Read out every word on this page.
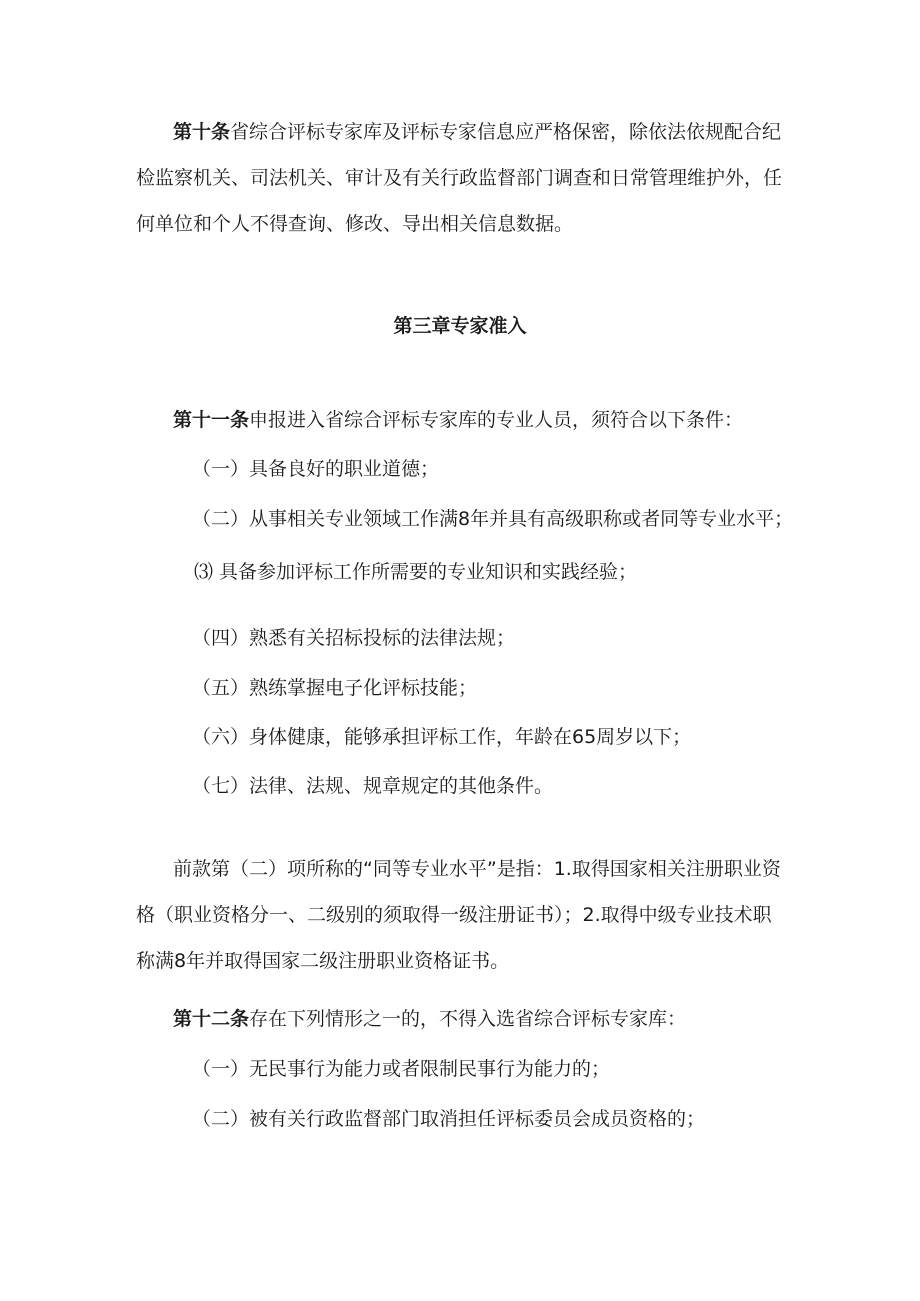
第十条省综合评标专家库及评标专家信息应严格保密，除依法依规配合纪检监察机关、司法机关、审计及有关行政监督部门调查和日常管理维护外，任何单位和个人不得查询、修改、导出相关信息数据。

第三章专家准入

第十一条申报进入省综合评标专家库的专业人员，须符合以下条件：

（一）具备良好的职业道德；

（二）从事相关专业领域工作满8年并具有高级职称或者同等专业水平；

⑶ 具备参加评标工作所需要的专业知识和实践经验；

（四）熟悉有关招标投标的法律法规；

（五）熟练掌握电子化评标技能；

（六）身体健康，能够承担评标工作，年龄在65周岁以下；

（七）法律、法规、规章规定的其他条件。

前款第（二）项所称的“同等专业水平”是指：1.取得国家相关注册职业资格（职业资格分一、二级别的须取得一级注册证书）；2.取得中级专业技术职称满8年并取得国家二级注册职业资格证书。

第十二条存在下列情形之一的，不得入选省综合评标专家库：

（一）无民事行为能力或者限制民事行为能力的；

（二）被有关行政监督部门取消担任评标委员会成员资格的；
